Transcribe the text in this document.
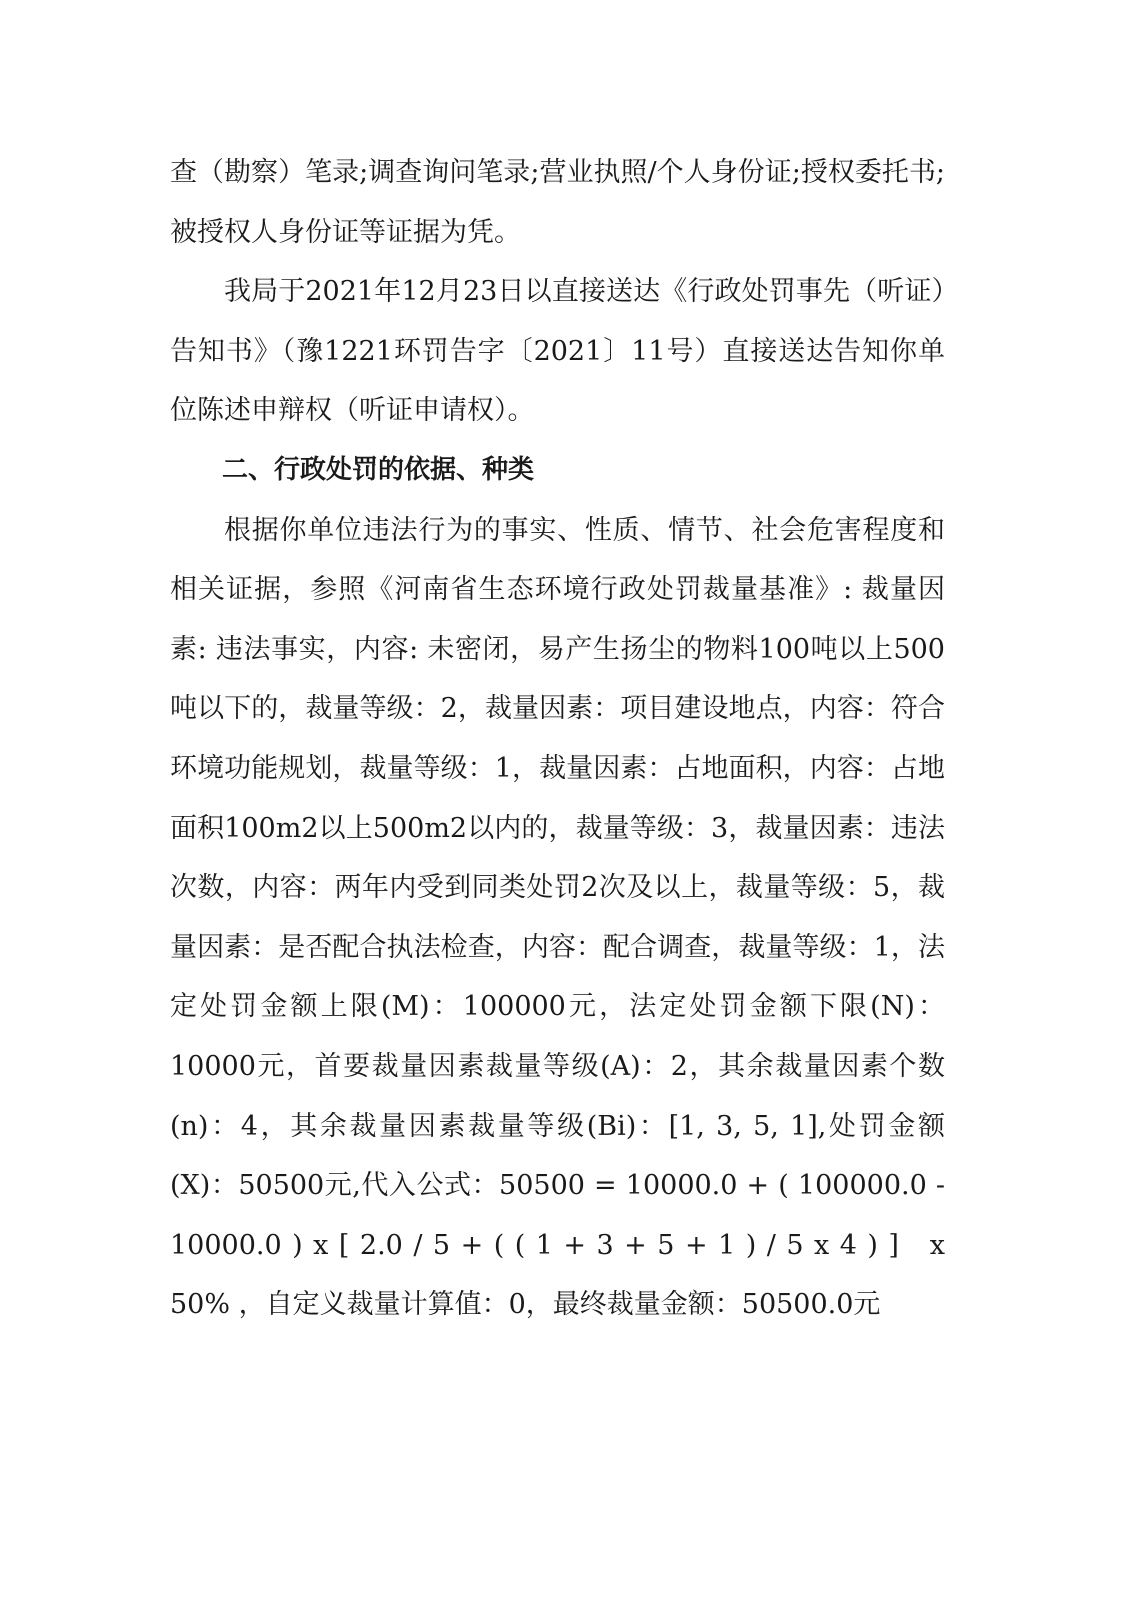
查（勘察）笔录;调查询问笔录;营业执照/个人身份证;授权委托书;被授权人身份证等证据为凭。

我局于2021年12月23日以直接送达《行政处罚事先（听证）告知书》（豫1221环罚告字〔2021〕11号）直接送达告知你单位陈述申辩权（听证申请权）。

二、行政处罚的依据、种类

根据你单位违法行为的事实、性质、情节、社会危害程度和相关证据，参照《河南省生态环境行政处罚裁量基准》: 裁量因素: 违法事实，内容: 未密闭，易产生扬尘的物料100吨以上500吨以下的，裁量等级：2，裁量因素：项目建设地点，内容：符合环境功能规划，裁量等级：1，裁量因素：占地面积，内容：占地面积100m2以上500m2以内的，裁量等级：3，裁量因素：违法次数，内容：两年内受到同类处罚2次及以上，裁量等级：5，裁量因素：是否配合执法检查，内容：配合调查，裁量等级：1，法定处罚金额上限(M)：100000元，法定处罚金额下限(N)：10000元，首要裁量因素裁量等级(A)：2，其余裁量因素个数(n)：4，其余裁量因素裁量等级(Bi)：[1, 3, 5, 1],处罚金额(X)：50500元,代入公式：50500 = 10000.0 + ( 100000.0 - 10000.0 ) x [ 2.0 / 5 + ( ( 1 + 3 + 5 + 1 ) / 5 x 4 ) ]　x 50% ，自定义裁量计算值：0，最终裁量金额：50500.0元
